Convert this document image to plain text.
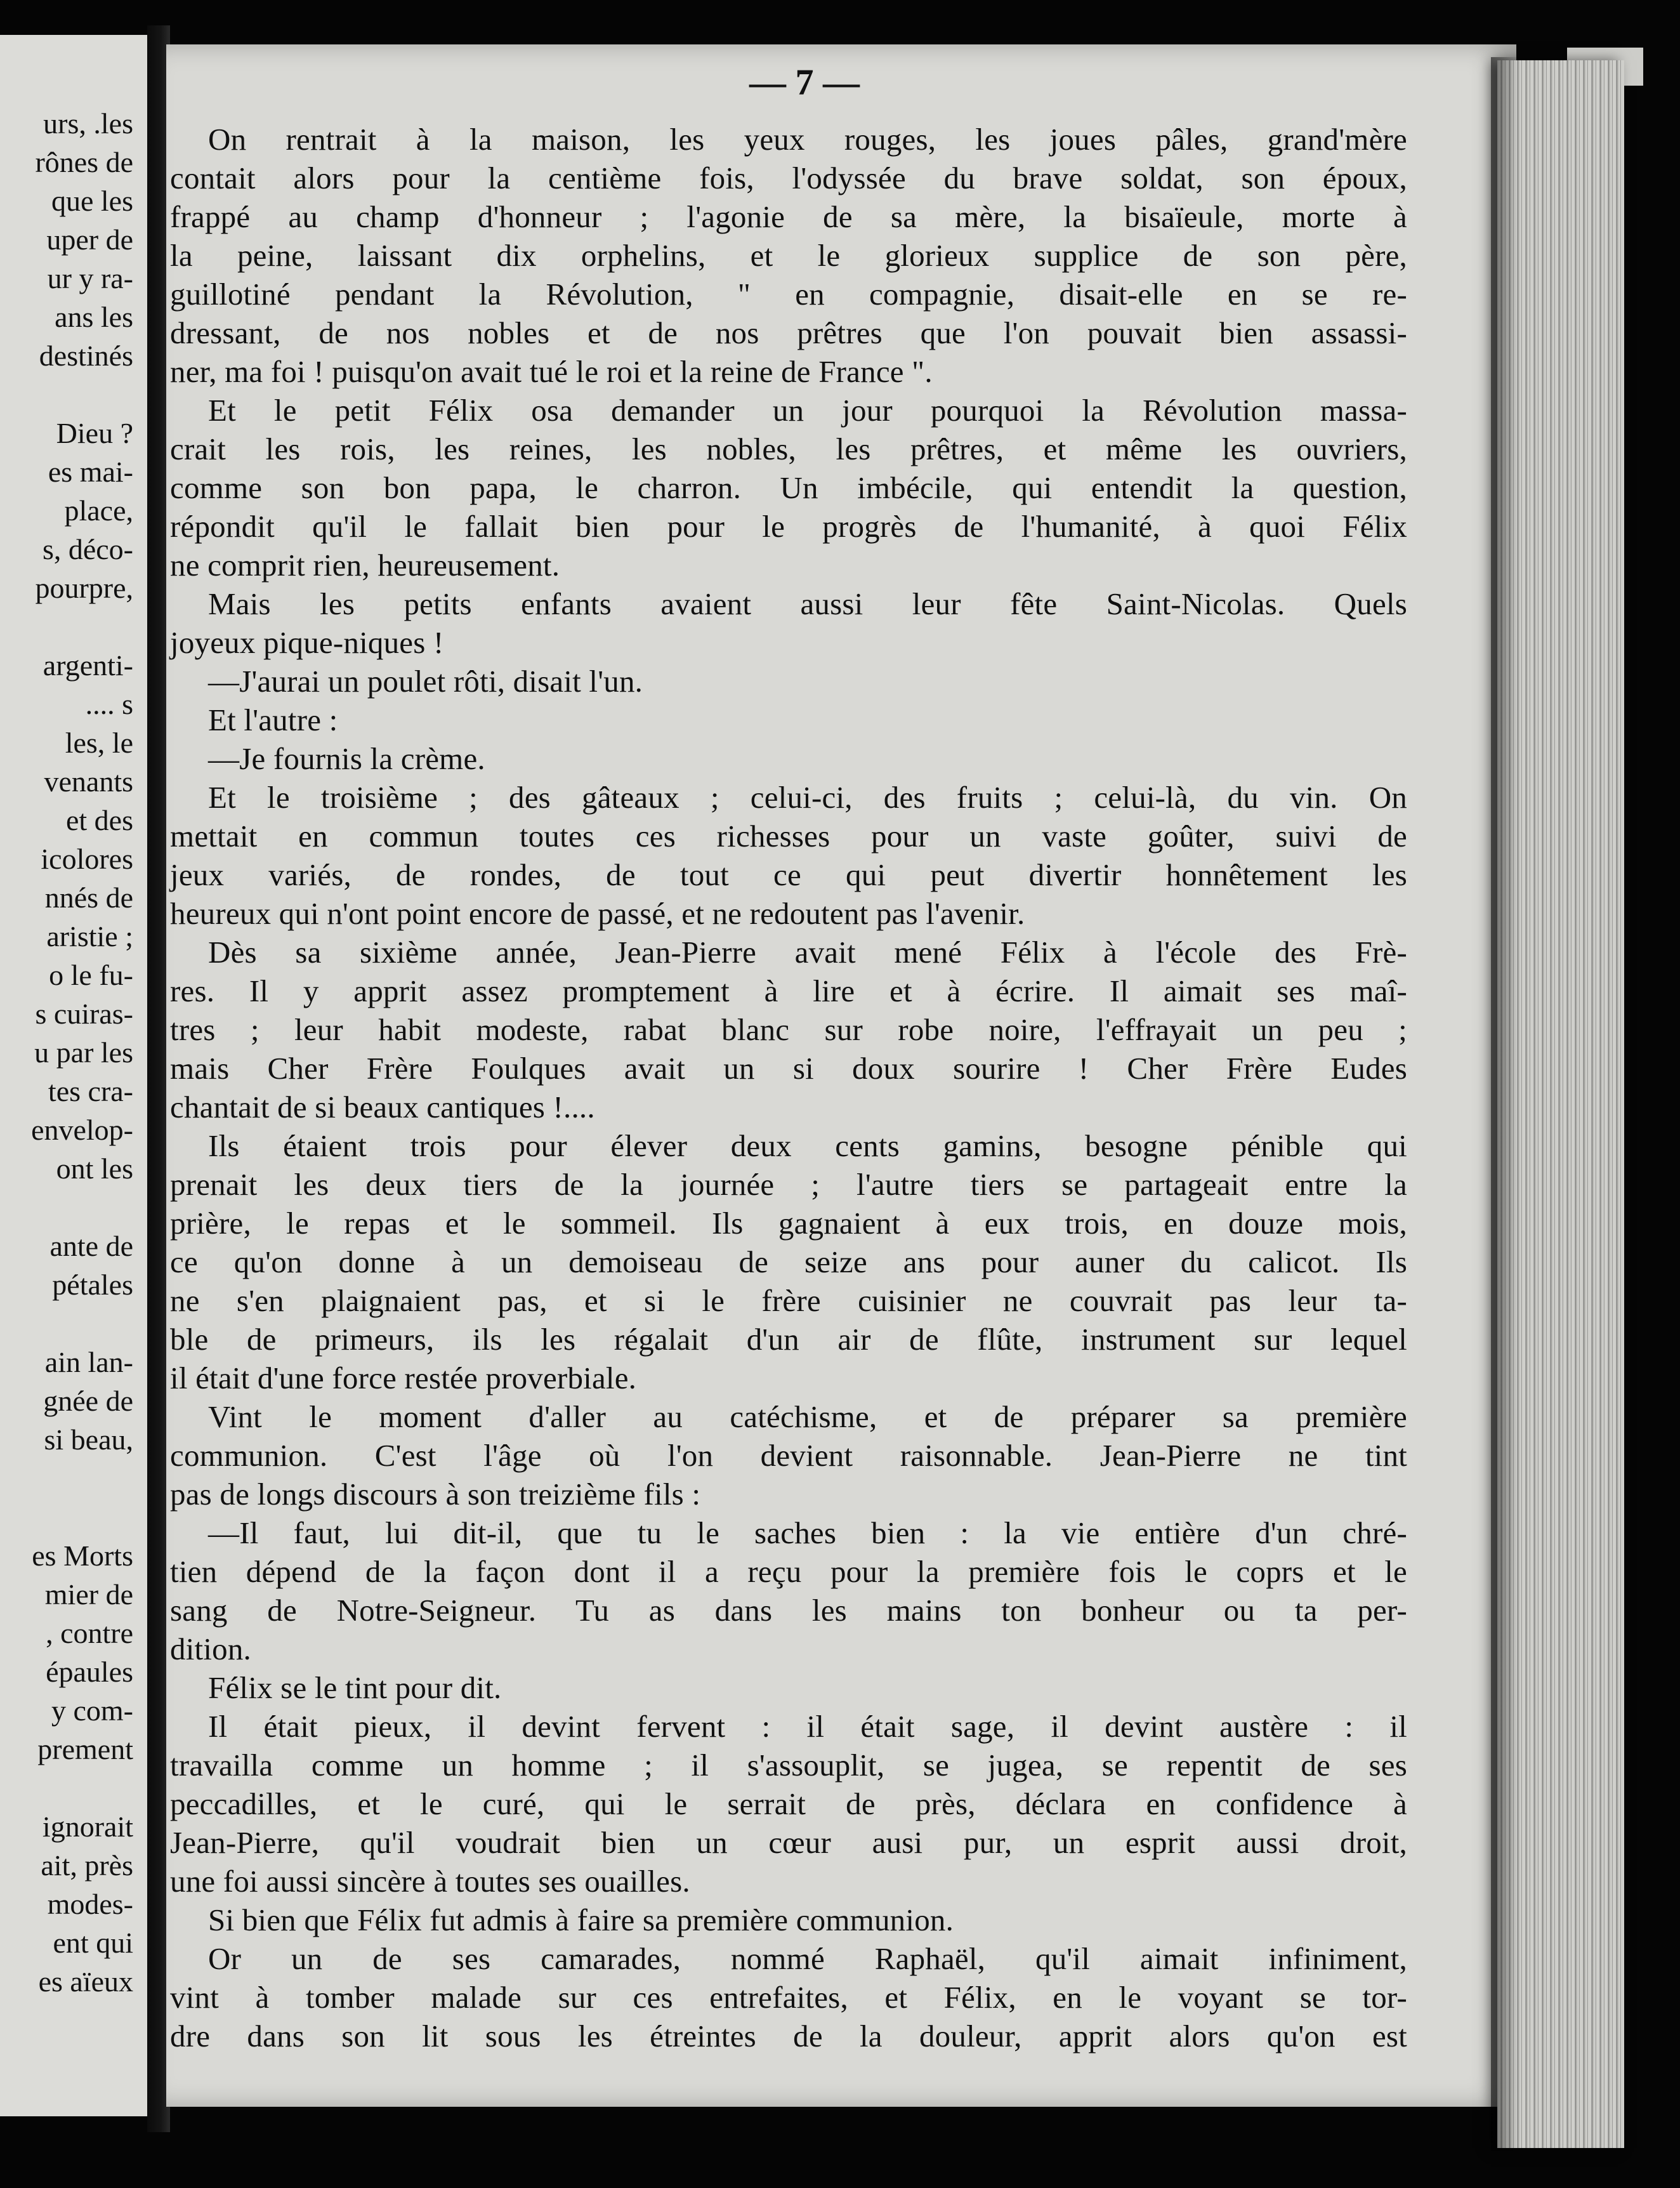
urs, .les
rônes de
que les
uper de
ur y ra-
ans les
destinés
Dieu ?
es mai-
place,
s, déco-
pourpre,
argenti-
.... s
les, le
venants
et des
icolores
nnés de
aristie ;
o le fu-
s cuiras-
u par les
tes cra-
envelop-
ont les
ante de
pétales
ain lan-
gnée de
si beau,
es Morts
mier de
, contre
épaules
y com-
prement
ignorait
ait, près
modes-
ent qui
es aïeux
— 7 —
On rentrait à la maison, les yeux rouges, les joues pâles, grand'mère
contait alors pour la centième fois, l'odyssée du brave soldat, son époux,
frappé au champ d'honneur ; l'agonie de sa mère, la bisaïeule, morte à
la peine, laissant dix orphelins, et le glorieux supplice de son père,
guillotiné pendant la Révolution, " en compagnie, disait-elle en se re-
dressant, de nos nobles et de nos prêtres que l'on pouvait bien assassi-
ner, ma foi ! puisqu'on avait tué le roi et la reine de France ".
Et le petit Félix osa demander un jour pourquoi la Révolution massa-
crait les rois, les reines, les nobles, les prêtres, et même les ouvriers,
comme son bon papa, le charron. Un imbécile, qui entendit la question,
répondit qu'il le fallait bien pour le progrès de l'humanité, à quoi Félix
ne comprit rien, heureusement.
Mais les petits enfants avaient aussi leur fête Saint-Nicolas. Quels
joyeux pique-niques !
—J'aurai un poulet rôti, disait l'un.
Et l'autre :
—Je fournis la crème.
Et le troisième ; des gâteaux ; celui-ci, des fruits ; celui-là, du vin. On
mettait en commun toutes ces richesses pour un vaste goûter, suivi de
jeux variés, de rondes, de tout ce qui peut divertir honnêtement les
heureux qui n'ont point encore de passé, et ne redoutent pas l'avenir.
Dès sa sixième année, Jean-Pierre avait mené Félix à l'école des Frè-
res. Il y apprit assez promptement à lire et à écrire. Il aimait ses maî-
tres ; leur habit modeste, rabat blanc sur robe noire, l'effrayait un peu ;
mais Cher Frère Foulques avait un si doux sourire ! Cher Frère Eudes
chantait de si beaux cantiques !....
Ils étaient trois pour élever deux cents gamins, besogne pénible qui
prenait les deux tiers de la journée ; l'autre tiers se partageait entre la
prière, le repas et le sommeil. Ils gagnaient à eux trois, en douze mois,
ce qu'on donne à un demoiseau de seize ans pour auner du calicot. Ils
ne s'en plaignaient pas, et si le frère cuisinier ne couvrait pas leur ta-
ble de primeurs, ils les régalait d'un air de flûte, instrument sur lequel
il était d'une force restée proverbiale.
Vint le moment d'aller au catéchisme, et de préparer sa première
communion. C'est l'âge où l'on devient raisonnable. Jean-Pierre ne tint
pas de longs discours à son treizième fils :
—Il faut, lui dit-il, que tu le saches bien : la vie entière d'un chré-
tien dépend de la façon dont il a reçu pour la première fois le coprs et le
sang de Notre-Seigneur. Tu as dans les mains ton bonheur ou ta per-
dition.
Félix se le tint pour dit.
Il était pieux, il devint fervent : il était sage, il devint austère : il
travailla comme un homme ; il s'assouplit, se jugea, se repentit de ses
peccadilles, et le curé, qui le serrait de près, déclara en confidence à
Jean-Pierre, qu'il voudrait bien un cœur ausi pur, un esprit aussi droit,
une foi aussi sincère à toutes ses ouailles.
Si bien que Félix fut admis à faire sa première communion.
Or un de ses camarades, nommé Raphaël, qu'il aimait infiniment,
vint à tomber malade sur ces entrefaites, et Félix, en le voyant se tor-
dre dans son lit sous les étreintes de la douleur, apprit alors qu'on est
